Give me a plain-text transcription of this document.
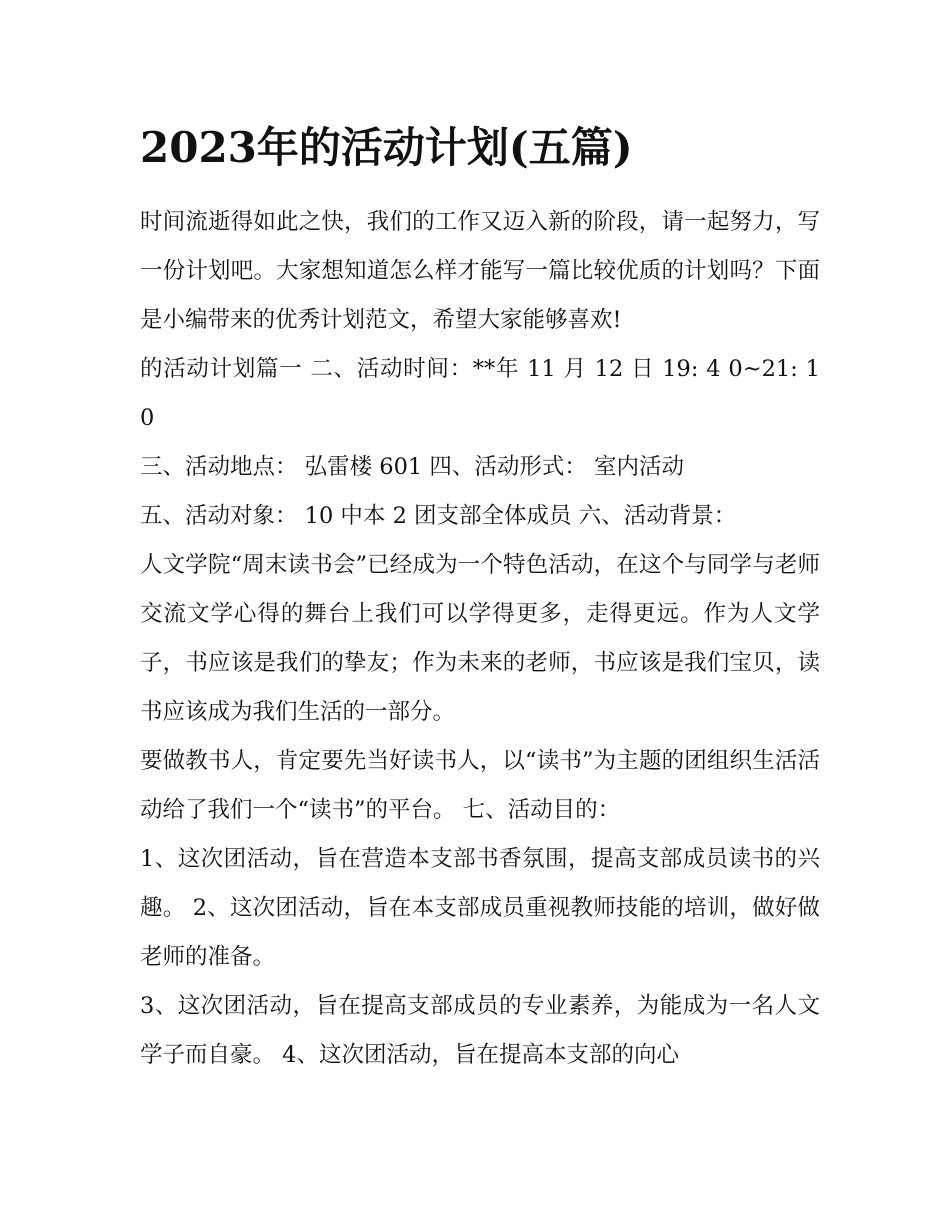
2023年的活动计划(五篇)

时间流逝得如此之快，我们的工作又迈入新的阶段，请一起努力，写一份计划吧。大家想知道怎么样才能写一篇比较优质的计划吗？下面是小编带来的优秀计划范文，希望大家能够喜欢!

的活动计划篇一 二、活动时间：**年 11 月 12 日 19: 4 0~21: 1 0

三、活动地点： 弘雷楼 601 四、活动形式： 室内活动

五、活动对象： 10 中本 2 团支部全体成员 六、活动背景：

人文学院“周末读书会”已经成为一个特色活动，在这个与同学与老师交流文学心得的舞台上我们可以学得更多，走得更远。作为人文学子，书应该是我们的挚友；作为未来的老师，书应该是我们宝贝，读书应该成为我们生活的一部分。

要做教书人，肯定要先当好读书人，以“读书”为主题的团组织生活活动给了我们一个“读书”的平台。 七、活动目的：

1、这次团活动，旨在营造本支部书香氛围，提高支部成员读书的兴趣。 2、这次团活动，旨在本支部成员重视教师技能的培训，做好做老师的准备。

3、这次团活动，旨在提高支部成员的专业素养，为能成为一名人文学子而自豪。 4、这次团活动，旨在提高本支部的向心
